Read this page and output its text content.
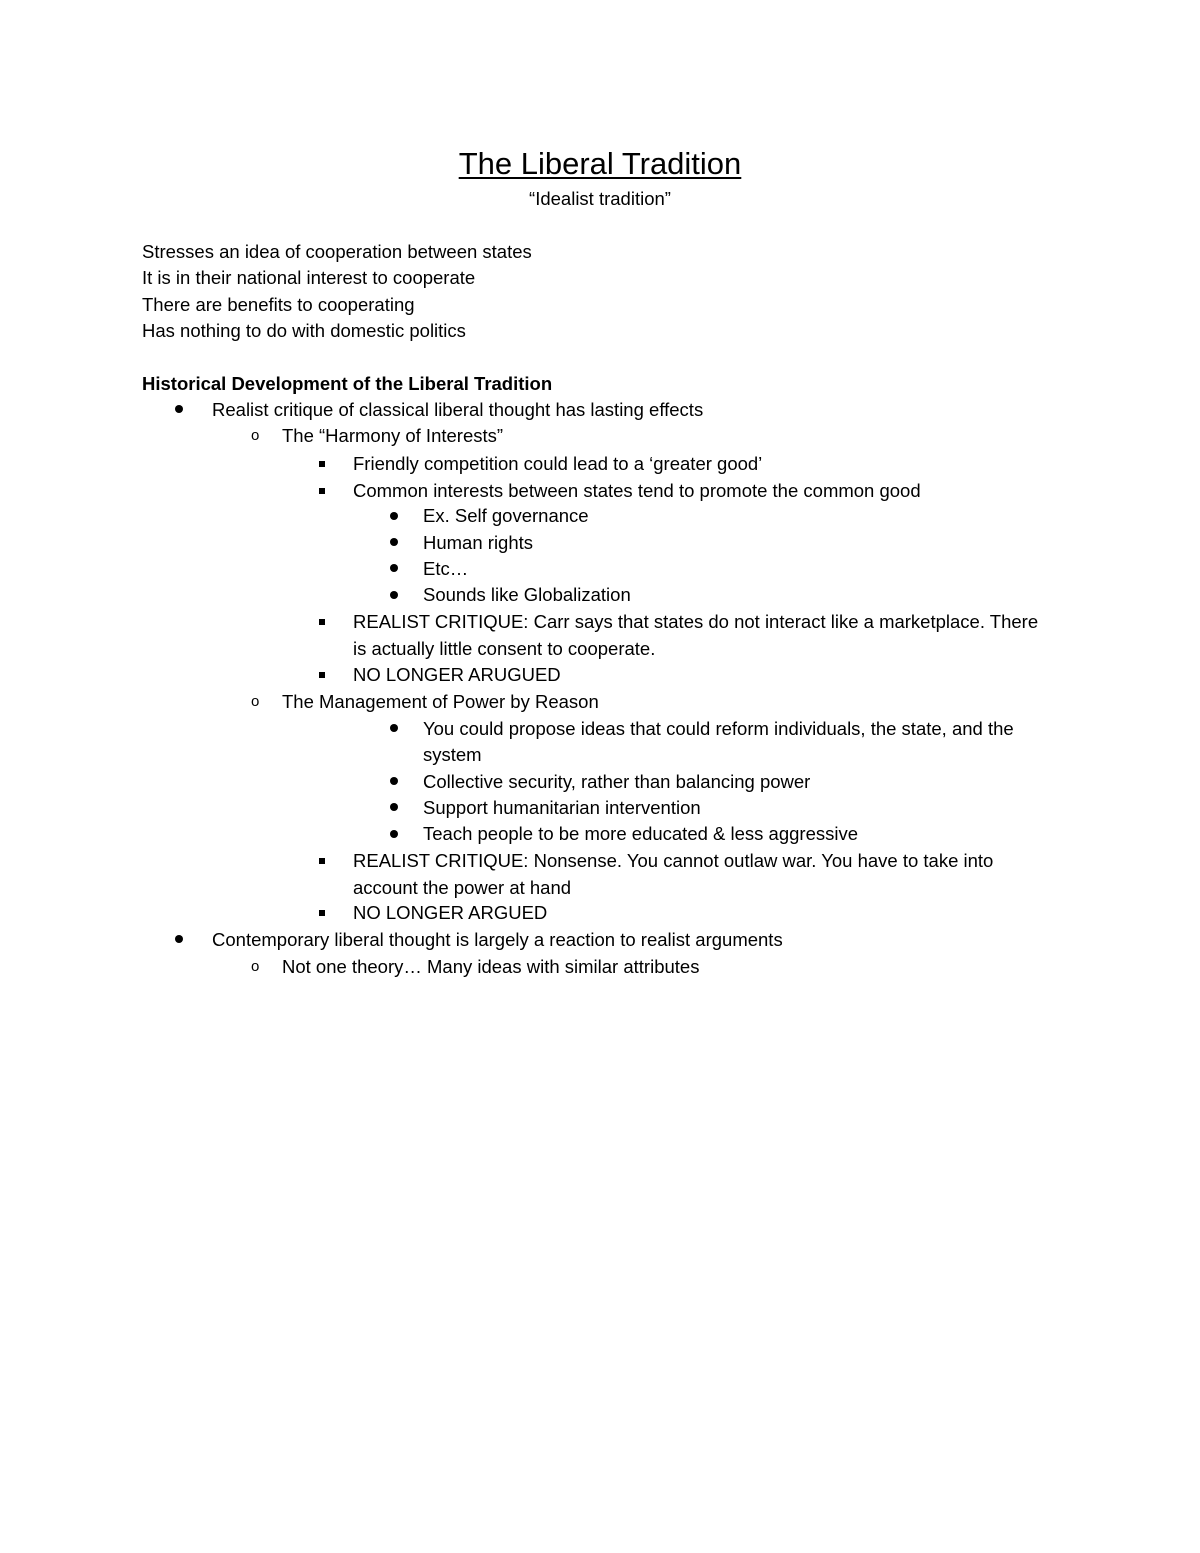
The Liberal Tradition
“Idealist tradition”
Stresses an idea of cooperation between states
It is in their national interest to cooperate
There are benefits to cooperating
Has nothing to do with domestic politics
Historical Development of the Liberal Tradition
Realist critique of classical liberal thought has lasting effects
o The “Harmony of Interests”
Friendly competition could lead to a ‘greater good’
Common interests between states tend to promote the common good
Ex. Self governance
Human rights
Etc…
Sounds like Globalization
REALIST CRITIQUE: Carr says that states do not interact like a marketplace. There
is actually little consent to cooperate.
NO LONGER ARUGUED
o The Management of Power by Reason
You could propose ideas that could reform individuals, the state, and the
system
Collective security, rather than balancing power
Support humanitarian intervention
Teach people to be more educated & less aggressive
REALIST CRITIQUE: Nonsense. You cannot outlaw war. You have to take into
account the power at hand
NO LONGER ARGUED
Contemporary liberal thought is largely a reaction to realist arguments
o Not one theory… Many ideas with similar attributes
